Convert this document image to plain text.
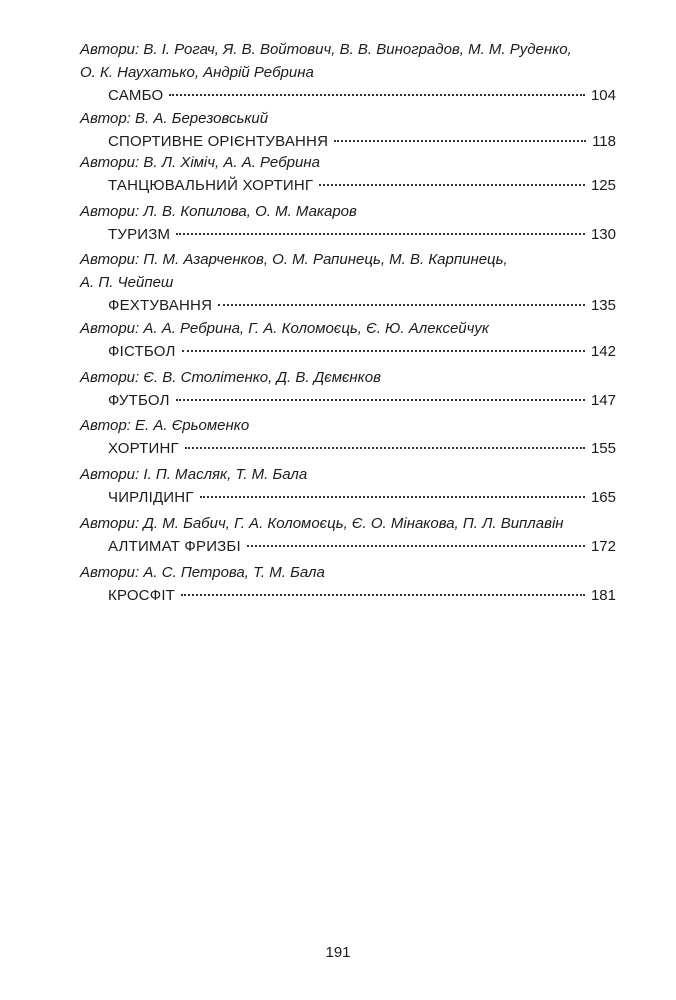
Автори: В. І. Рогач, Я. В. Войтович, В. В. Виноградов, М. М. Руденко,
О. К. Наухатько, Андрій Ребрина
САМБО	104
Автор: В. А. Березовський
СПОРТИВНЕ ОРІЄНТУВАННЯ	118
Автори: В. Л. Хіміч, А. А. Ребрина
ТАНЦЮВАЛЬНИЙ ХОРТИНГ	125
Автори: Л. В. Копилова, О. М. Макаров
ТУРИЗМ	130
Автори: П. М. Азарченков, О. М. Рапинець, М. В. Карпинець,
А. П. Чейпеш
ФЕХТУВАННЯ	135
Автори: А. А. Ребрина, Г. А. Коломоєць, Є. Ю. Алексейчук
ФІСТБОЛ	142
Автори: Є. В. Столітенко, Д. В. Дємєнков
ФУТБОЛ	147
Автор: Е. А. Єрьоменко
ХОРТИНГ	155
Автори: І. П. Масляк, Т. М. Бала
ЧИРЛІДИНГ	165
Автори: Д. М. Бабич, Г. А. Коломоєць, Є. О. Мінакова, П. Л. Виплавін
АЛТИМАТ ФРИЗБІ	172
Автори: А. С. Петрова, Т. М. Бала
КРОСФІТ	181
191
